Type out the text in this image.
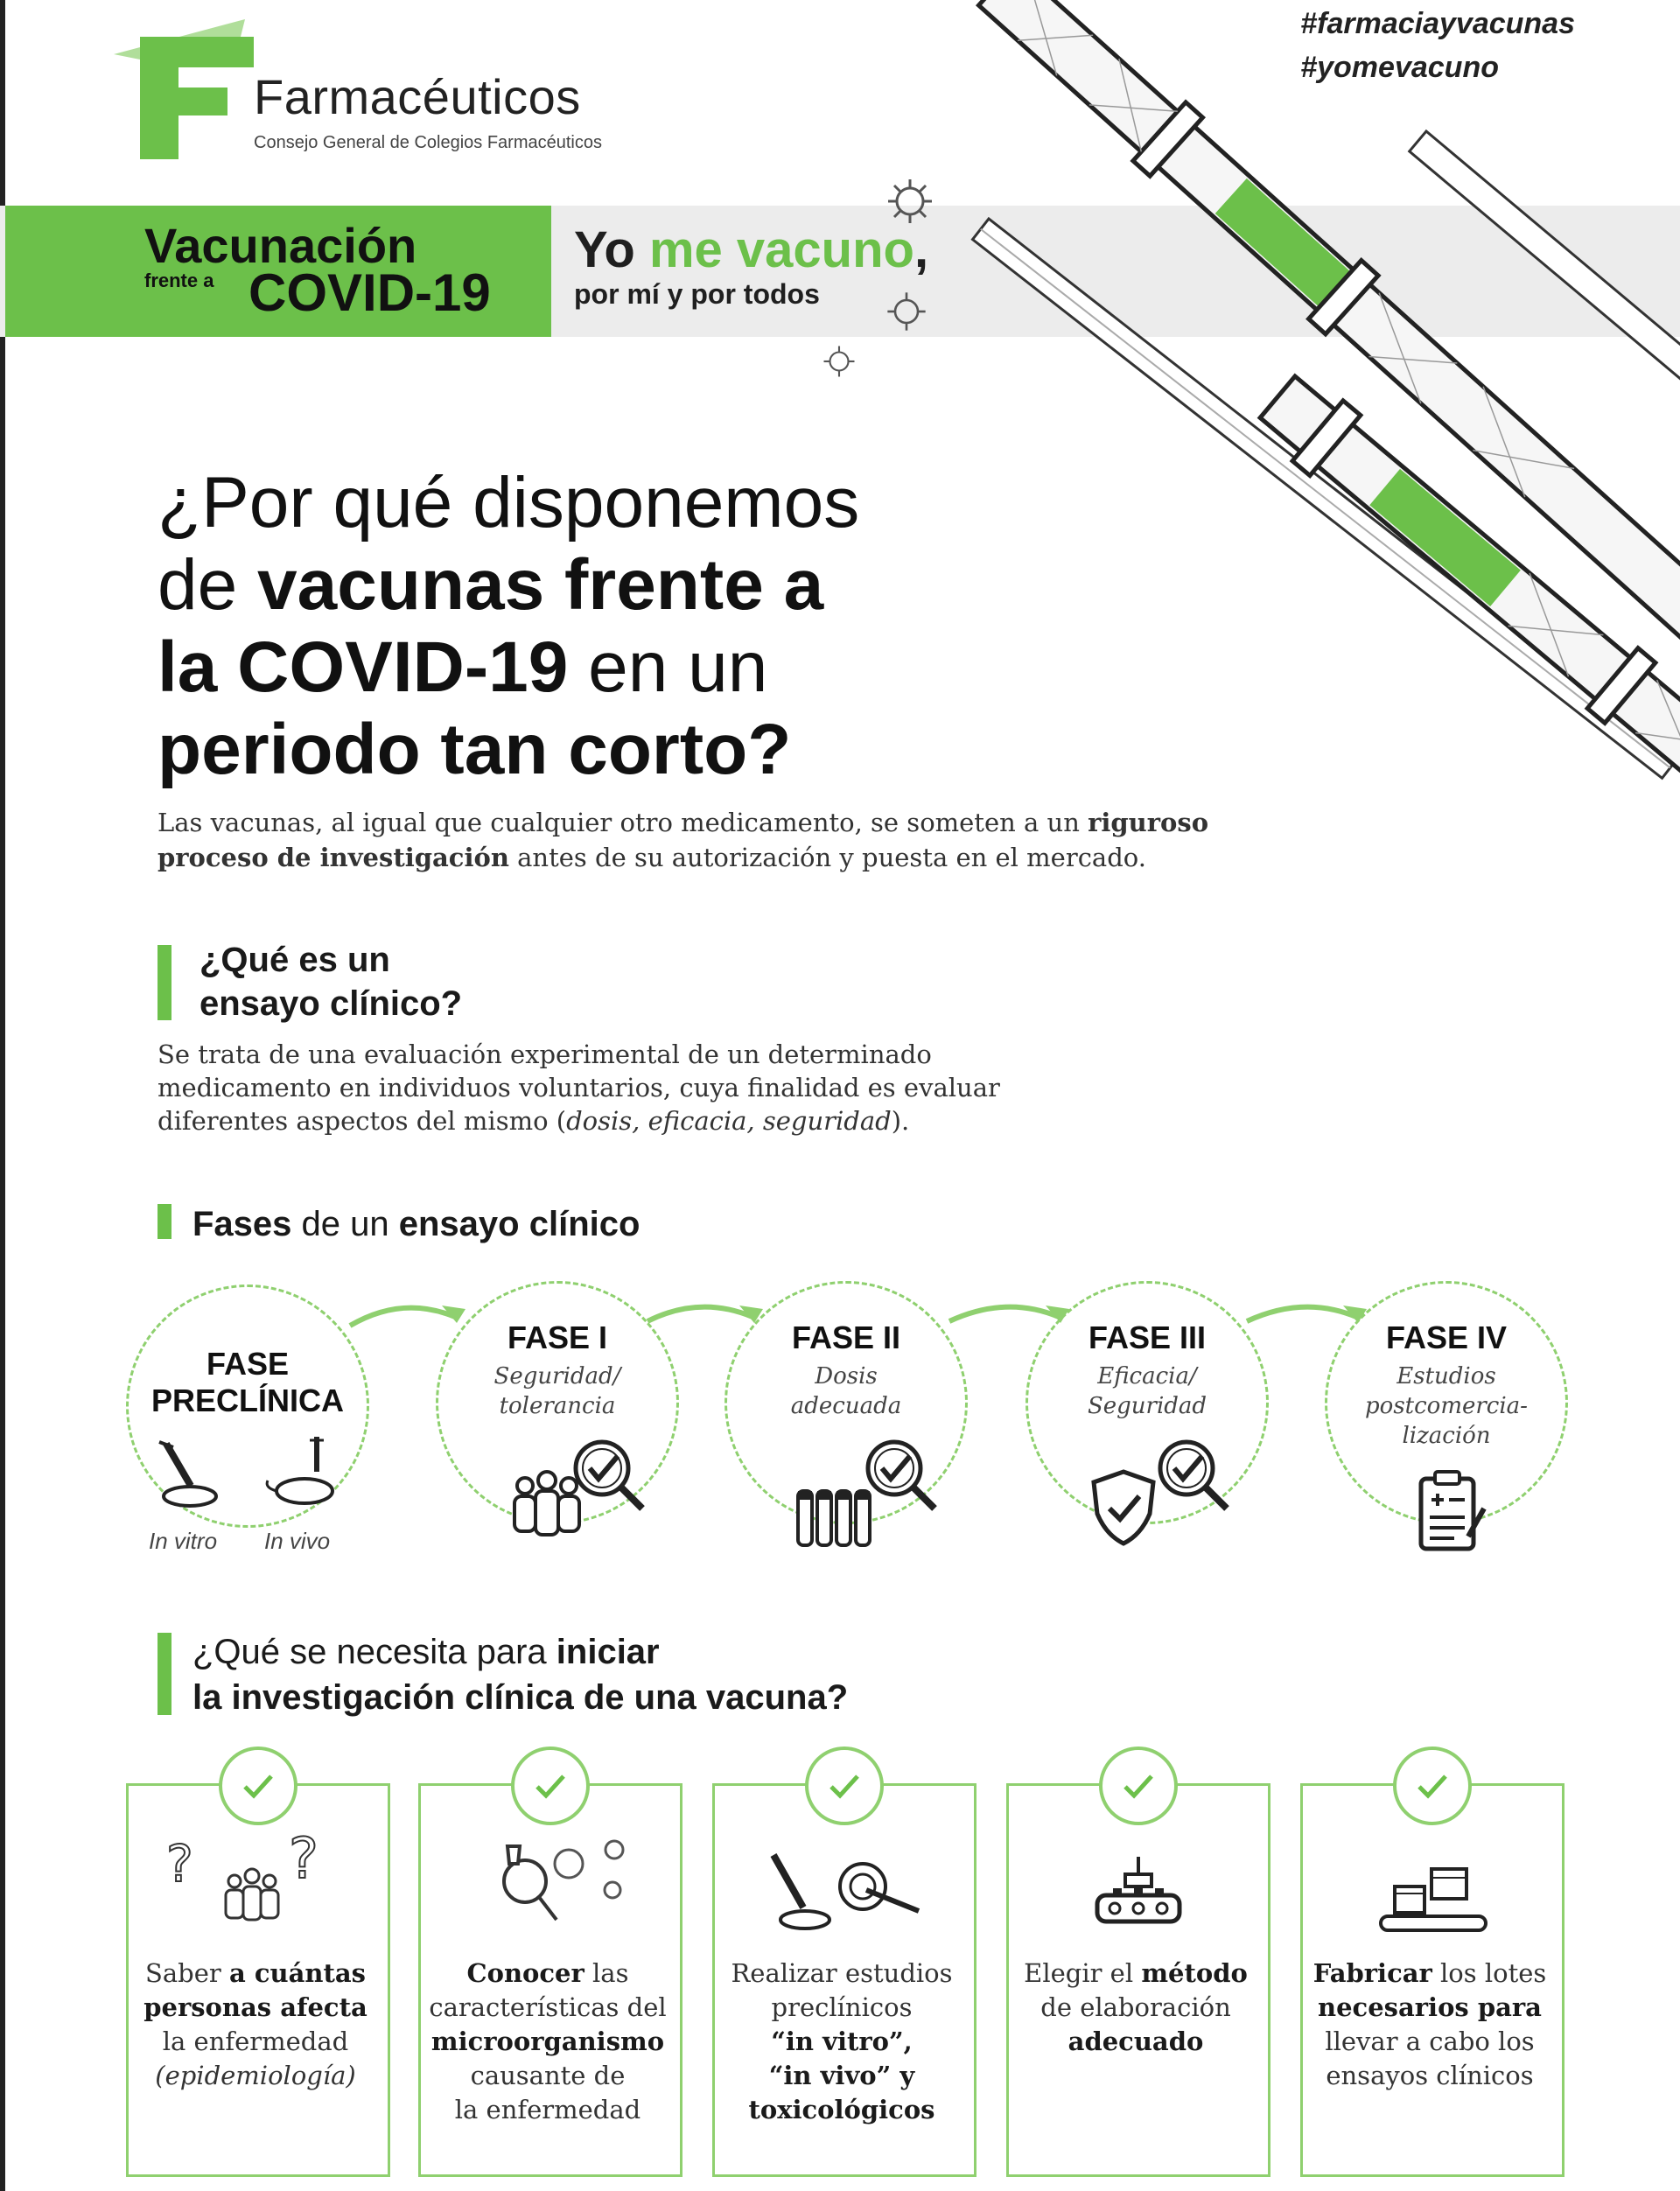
Farmacéuticos
Consejo General de Colegios Farmacéuticos
#farmaciayvacunas
#yomevacuno
Vacunación
frente a COVID-19
Yo me vacuno,
por mí y por todos
¿Por qué disponemos
de vacunas frente a
la COVID-19 en un
periodo tan corto?
Las vacunas, al igual que cualquier otro medicamento, se someten a un riguroso proceso de investigación antes de su autorización y puesta en el mercado.
¿Qué es un
ensayo clínico?
Se trata de una evaluación experimental de un determinado medicamento en individuos voluntarios, cuya finalidad es evaluar diferentes aspectos del mismo (dosis, eficacia, seguridad).
Fases de un ensayo clínico
FASE
PRECLÍNICA
In vitro In vivo
FASE I
Seguridad/
tolerancia
FASE II
Dosis
adecuada
FASE III
Eficacia/
Seguridad
FASE IV
Estudios
postcomercia-
lización
¿Qué se necesita para iniciar
la investigación clínica de una vacuna?
? ?
Saber a cuántas
personas afecta
la enfermedad
(epidemiología)
Conocer las
características del
microorganismo
causante de
la enfermedad
Realizar estudios
preclínicos
“in vitro”,
“in vivo” y
toxicológicos
Elegir el método
de elaboración
adecuado
Fabricar los lotes
necesarios para
llevar a cabo los
ensayos clínicos
